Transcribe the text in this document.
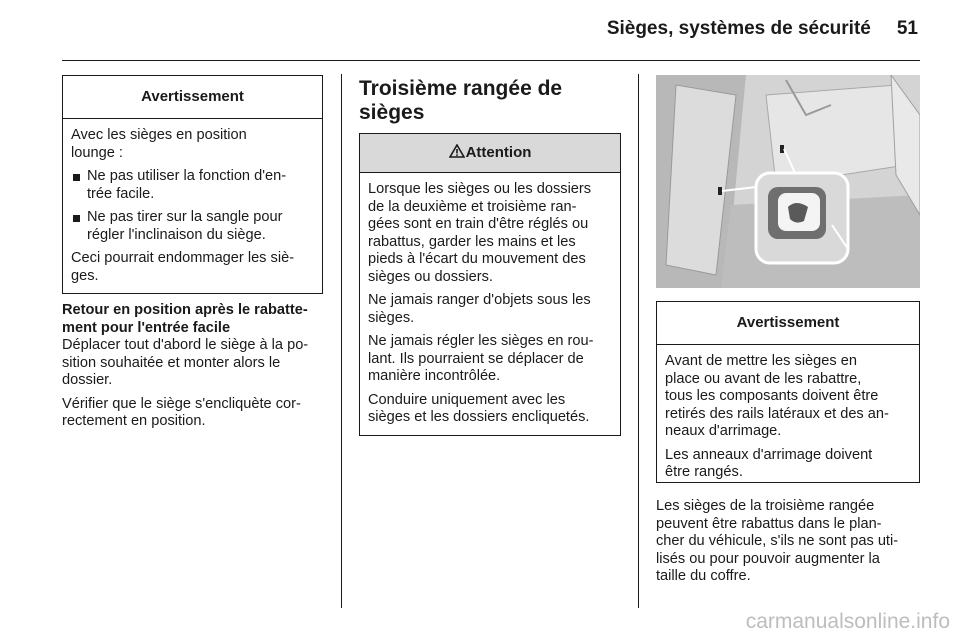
Sièges, systèmes de sécurité 51
Avertissement

Avec les sièges en position
lounge :

Ne pas utiliser la fonction d'en-
trée facile.
Ne pas tirer sur la sangle pour
régler l'inclinaison du siège.

Ceci pourrait endommager les siè-
ges.

Retour en position après le rabatte-
ment pour l'entrée facile

Déplacer tout d'abord le siège à la po-
sition souhaitée et monter alors le
dossier.

Vérifier que le siège s'encliquète cor-
rectement en position.

Troisième rangée de
sièges
Attention

Lorsque les sièges ou les dossiers
de la deuxième et troisième ran-
gées sont en train d'être réglés ou
rabattus, garder les mains et les
pieds à l'écart du mouvement des
sièges ou dossiers.

Ne jamais ranger d'objets sous les
sièges.

Ne jamais régler les sièges en rou-
lant. Ils pourraient se déplacer de
manière incontrôlée.

Conduire uniquement avec les
sièges et les dossiers encliquetés.

Avertissement

Avant de mettre les sièges en
place ou avant de les rabattre,
tous les composants doivent être
retirés des rails latéraux et des an-
neaux d'arrimage.

Les anneaux d'arrimage doivent
être rangés.

Les sièges de la troisième rangée
peuvent être rabattus dans le plan-
cher du véhicule, s'ils ne sont pas uti-
lisés ou pour pouvoir augmenter la
taille du coffre.

carmanualsonline.info
